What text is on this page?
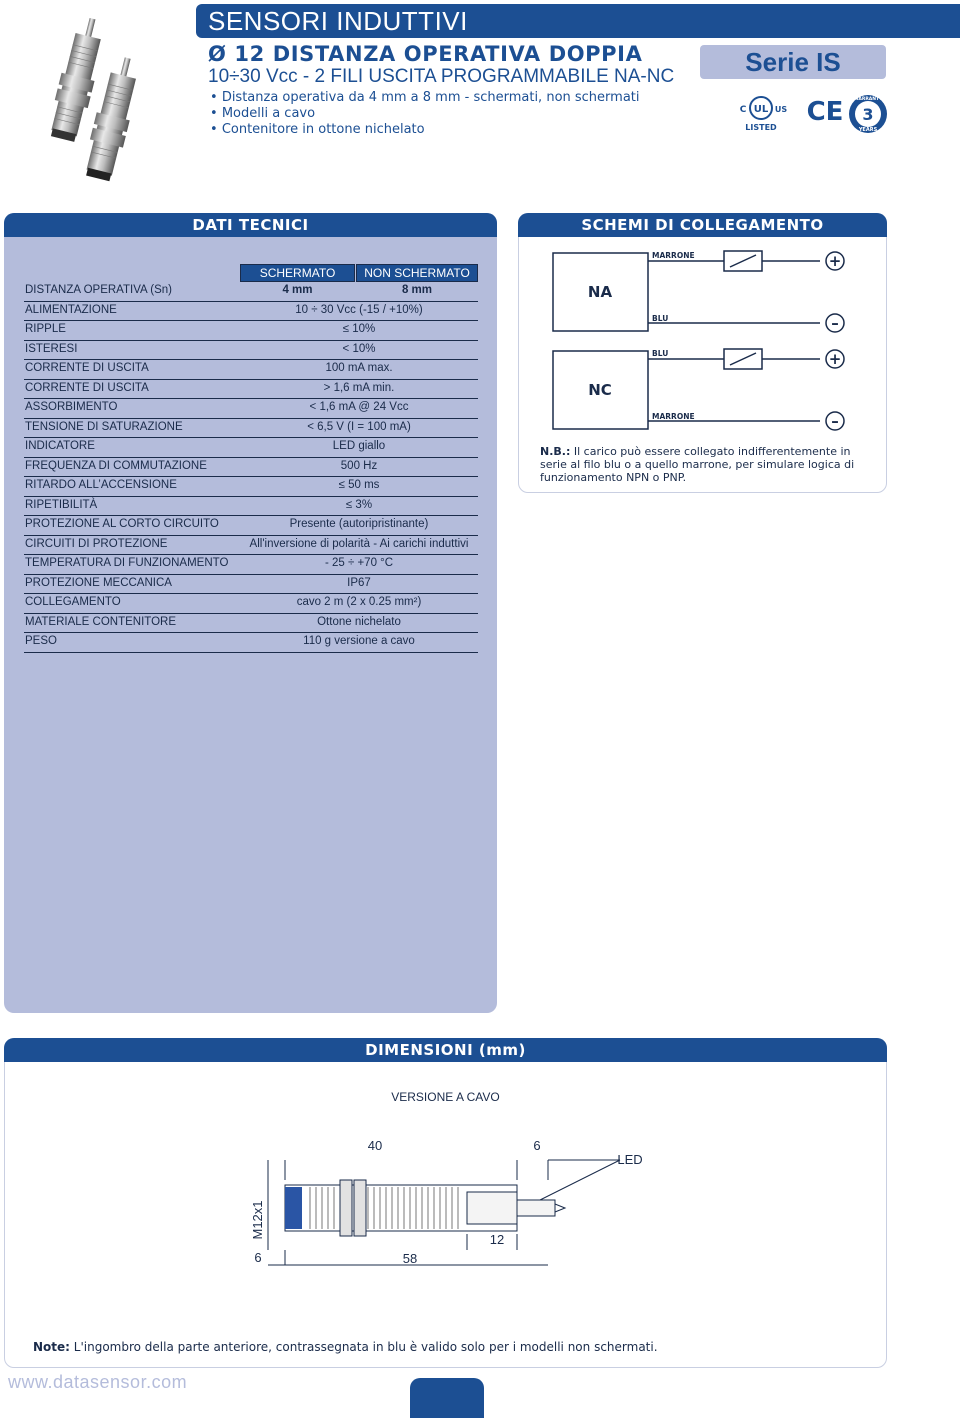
SENSORI INDUTTIVI
Ø 12 DISTANZA OPERATIVA DOPPIA
10÷30 Vcc - 2 FILI USCITA PROGRAMMABILE NA-NC
• Distanza operativa da 4 mm a 8 mm - schermati, non schermati
• Modelli a cavo
• Contenitore in ottone nichelato
Serie IS
UL
C	US
LISTED
CE WARRANTY
3
YEARS
DATI TECNICI
SCHERMATO	NON SCHERMATO
DISTANZA OPERATIVA (Sn)	4 mm	8 mm
ALIMENTAZIONE	10 ÷ 30 Vcc (-15 / +10%)
RIPPLE	≤ 10%
ISTERESI	< 10%
CORRENTE DI USCITA	100 mA max.
CORRENTE DI USCITA	> 1,6 mA min.
ASSORBIMENTO	< 1,6 mA @ 24 Vcc
TENSIONE DI SATURAZIONE	< 6,5 V (I = 100 mA)
INDICATORE	LED giallo
FREQUENZA DI COMMUTAZIONE	500 Hz
RITARDO ALL’ACCENSIONE	≤ 50 ms
RIPETIBILITÀ	≤ 3%
PROTEZIONE AL CORTO CIRCUITO	Presente (autoripristinante)
CIRCUITI DI PROTEZIONE	All'inversione di polarità - Ai carichi induttivi
TEMPERATURA DI FUNZIONAMENTO	- 25 ÷ +70 °C
PROTEZIONE MECCANICA	IP67
COLLEGAMENTO	cavo 2 m (2 x 0.25 mm²)
MATERIALE CONTENITORE	Ottone nichelato
PESO	110 g versione a cavo
SCHEMI DI COLLEGAMENTO
NA
NC
MARRONE
BLU
BLU
MARRONE
+
–
+
–
N.B.: Il carico può essere collegato indifferentemente in serie al filo blu o a quello marrone, per simulare logica di funzionamento NPN o PNP.
DIMENSIONI (mm)
VERSIONE A CAVO
40	6
LED
M12x1
6	58
12
Note: L'ingombro della parte anteriore, contrassegnata in blu è valido solo per i modelli non schermati.
www.datasensor.com
